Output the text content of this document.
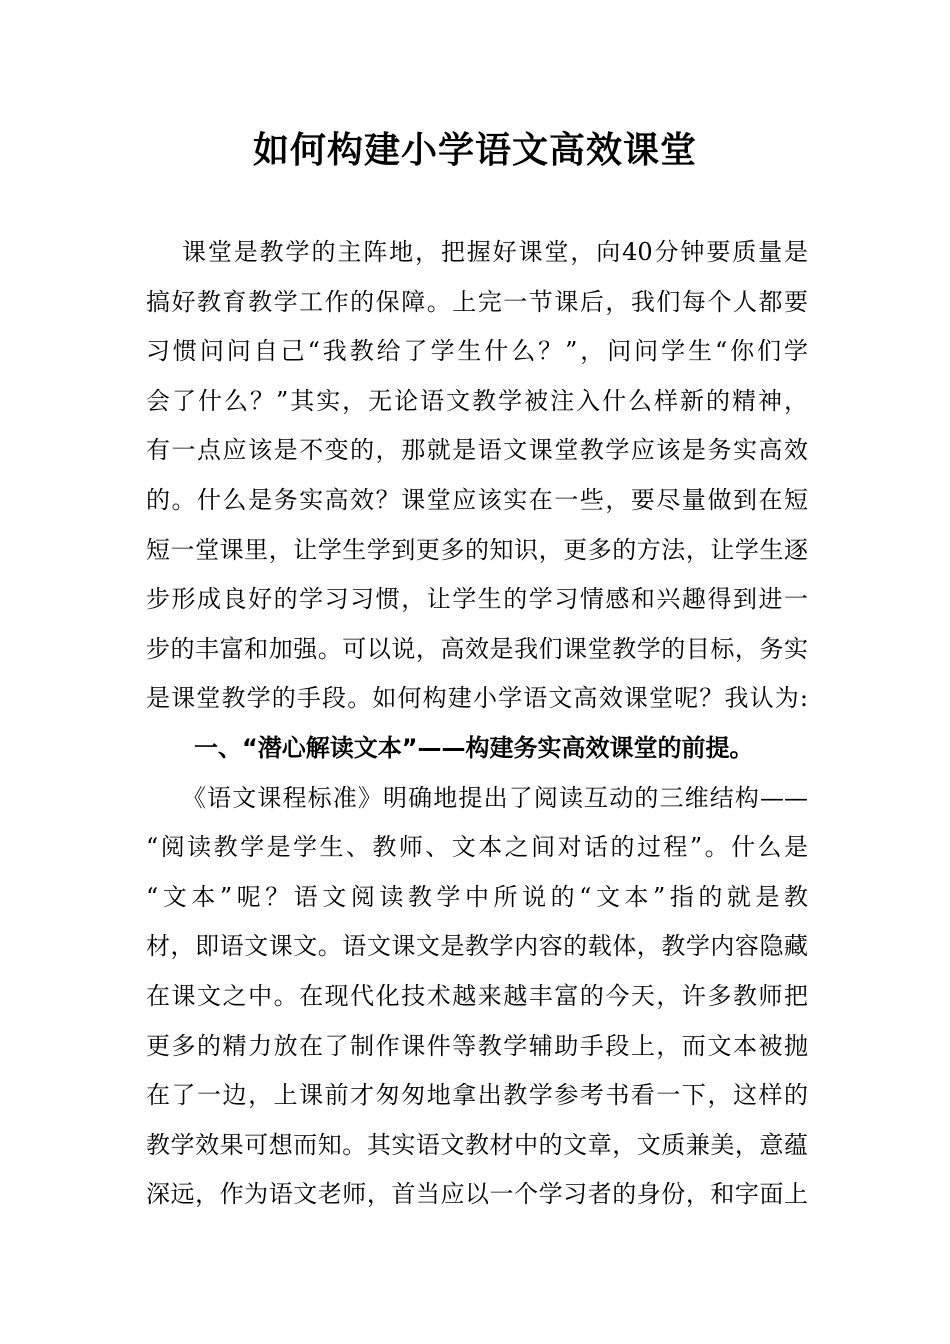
如何构建小学语文高效课堂
课堂是教学的主阵地，把握好课堂，向40分钟要质量是
搞好教育教学工作的保障。上完一节课后，我们每个人都要
习惯问问自己“我教给了学生什么？”，问问学生“你们学
会了什么？”其实，无论语文教学被注入什么样新的精神，
有一点应该是不变的，那就是语文课堂教学应该是务实高效
的。什么是务实高效？课堂应该实在一些，要尽量做到在短
短一堂课里，让学生学到更多的知识，更多的方法，让学生逐
步形成良好的学习习惯，让学生的学习情感和兴趣得到进一
步的丰富和加强。可以说，高效是我们课堂教学的目标，务实
是课堂教学的手段。如何构建小学语文高效课堂呢？我认为:
一、“潜心解读文本”——构建务实高效课堂的前提。
《语文课程标准》明确地提出了阅读互动的三维结构——
“阅读教学是学生、教师、文本之间对话的过程”。什么是
“文本”呢？语文阅读教学中所说的“文本”指的就是教
材，即语文课文。语文课文是教学内容的载体，教学内容隐藏
在课文之中。在现代化技术越来越丰富的今天，许多教师把
更多的精力放在了制作课件等教学辅助手段上，而文本被抛
在了一边，上课前才匆匆地拿出教学参考书看一下，这样的
教学效果可想而知。其实语文教材中的文章，文质兼美，意蕴
深远，作为语文老师，首当应以一个学习者的身份，和字面上
